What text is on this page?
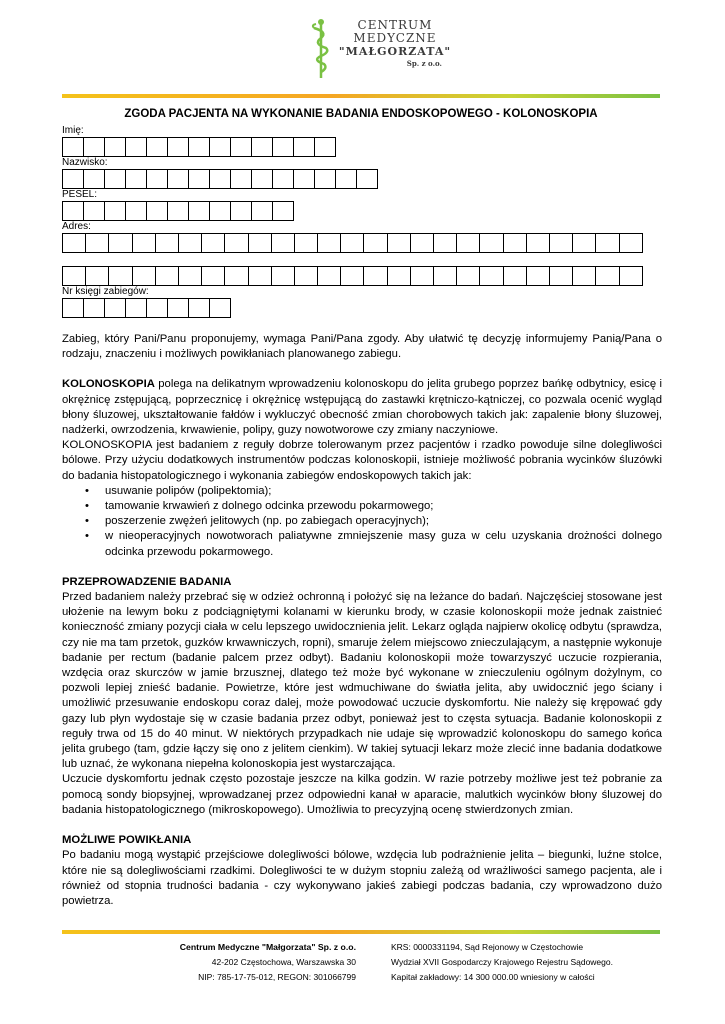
CENTRUM
MEDYCZNE
"MAŁGORZATA"
Sp. z o.o.
ZGODA PACJENTA NA WYKONANIE BADANIA ENDOSKOPOWEGO - KOLONOSKOPIA
Imię:
Nazwisko:
PESEL:
Adres:
Nr księgi zabiegów:

Zabieg, który Pani/Panu proponujemy, wymaga Pani/Pana zgody. Aby ułatwić tę decyzję informujemy Panią/Pana o rodzaju, znaczeniu i możliwych powikłaniach planowanego zabiegu.

KOLONOSKOPIA polega na delikatnym wprowadzeniu kolonoskopu do jelita grubego poprzez bańkę odbytnicy, esicę i okrężnicę zstępującą, poprzecznicę i okrężnicę wstępującą do zastawki krętniczo-kątniczej, co pozwala ocenić wygląd błony śluzowej, ukształtowanie fałdów i wykluczyć obecność zmian chorobowych takich jak: zapalenie błony śluzowej, nadżerki, owrzodzenia, krwawienie, polipy, guzy nowotworowe czy zmiany naczyniowe.

KOLONOSKOPIA jest badaniem z reguły dobrze tolerowanym przez pacjentów i rzadko powoduje silne dolegliwości bólowe. Przy użyciu dodatkowych instrumentów podczas kolonoskopii, istnieje możliwość pobrania wycinków śluzówki do badania histopatologicznego i wykonania zabiegów endoskopowych takich jak:

• usuwanie polipów (polipektomia);
• tamowanie krwawień z dolnego odcinka przewodu pokarmowego;
• poszerzenie zwężeń jelitowych (np. po zabiegach operacyjnych);
• w nieoperacyjnych nowotworach paliatywne zmniejszenie masy guza w celu uzyskania drożności dolnego odcinka przewodu pokarmowego.
PRZEPROWADZENIE BADANIA

Przed badaniem należy przebrać się w odzież ochronną i położyć się na leżance do badań. Najczęściej stosowane jest ułożenie na lewym boku z podciągniętymi kolanami w kierunku brody, w czasie kolonoskopii może jednak zaistnieć konieczność zmiany pozycji ciała w celu lepszego uwidocznienia jelit. Lekarz ogląda najpierw okolicę odbytu (sprawdza, czy nie ma tam przetok, guzków krwawniczych, ropni), smaruje żelem miejscowo znieczulającym, a następnie wykonuje badanie per rectum (badanie palcem przez odbyt). Badaniu kolonoskopii może towarzyszyć uczucie rozpierania, wzdęcia oraz skurczów w jamie brzusznej, dlatego też może być wykonane w znieczuleniu ogólnym dożylnym, co pozwoli lepiej znieść badanie. Powietrze, które jest wdmuchiwane do światła jelita, aby uwidocznić jego ściany i umożliwić przesuwanie endoskopu coraz dalej, może powodować uczucie dyskomfortu. Nie należy się krępować gdy gazy lub płyn wydostaje się w czasie badania przez odbyt, ponieważ jest to częsta sytuacja. Badanie kolonoskopii z reguły trwa od 15 do 40 minut. W niektórych przypadkach nie udaje się wprowadzić kolonoskopu do samego końca jelita grubego (tam, gdzie łączy się ono z jelitem cienkim). W takiej sytuacji lekarz może zlecić inne badania dodatkowe lub uznać, że wykonana niepełna kolonoskopia jest wystarczająca.

Uczucie dyskomfortu jednak często pozostaje jeszcze na kilka godzin. W razie potrzeby możliwe jest też pobranie za pomocą sondy biopsyjnej, wprowadzanej przez odpowiedni kanał w aparacie, malutkich wycinków błony śluzowej do badania histopatologicznego (mikroskopowego). Umożliwia to precyzyjną ocenę stwierdzonych zmian.

MOŻLIWE POWIKŁANIA

Po badaniu mogą wystąpić przejściowe dolegliwości bólowe, wzdęcia lub podrażnienie jelita – biegunki, luźne stolce, które nie są dolegliwościami rzadkimi. Dolegliwości te w dużym stopniu zależą od wrażliwości samego pacjenta, ale i również od stopnia trudności badania - czy wykonywano jakieś zabiegi podczas badania, czy wprowadzono dużo powietrza.

Centrum Medyczne "Małgorzata" Sp. z o.o.
42-202 Częstochowa, Warszawska 30
NIP: 785-17-75-012, REGON: 301066799
KRS: 0000331194, Sąd Rejonowy w Częstochowie
Wydział XVII Gospodarczy Krajowego Rejestru Sądowego.
Kapitał zakładowy: 14 300 000.00 wniesiony w całości
